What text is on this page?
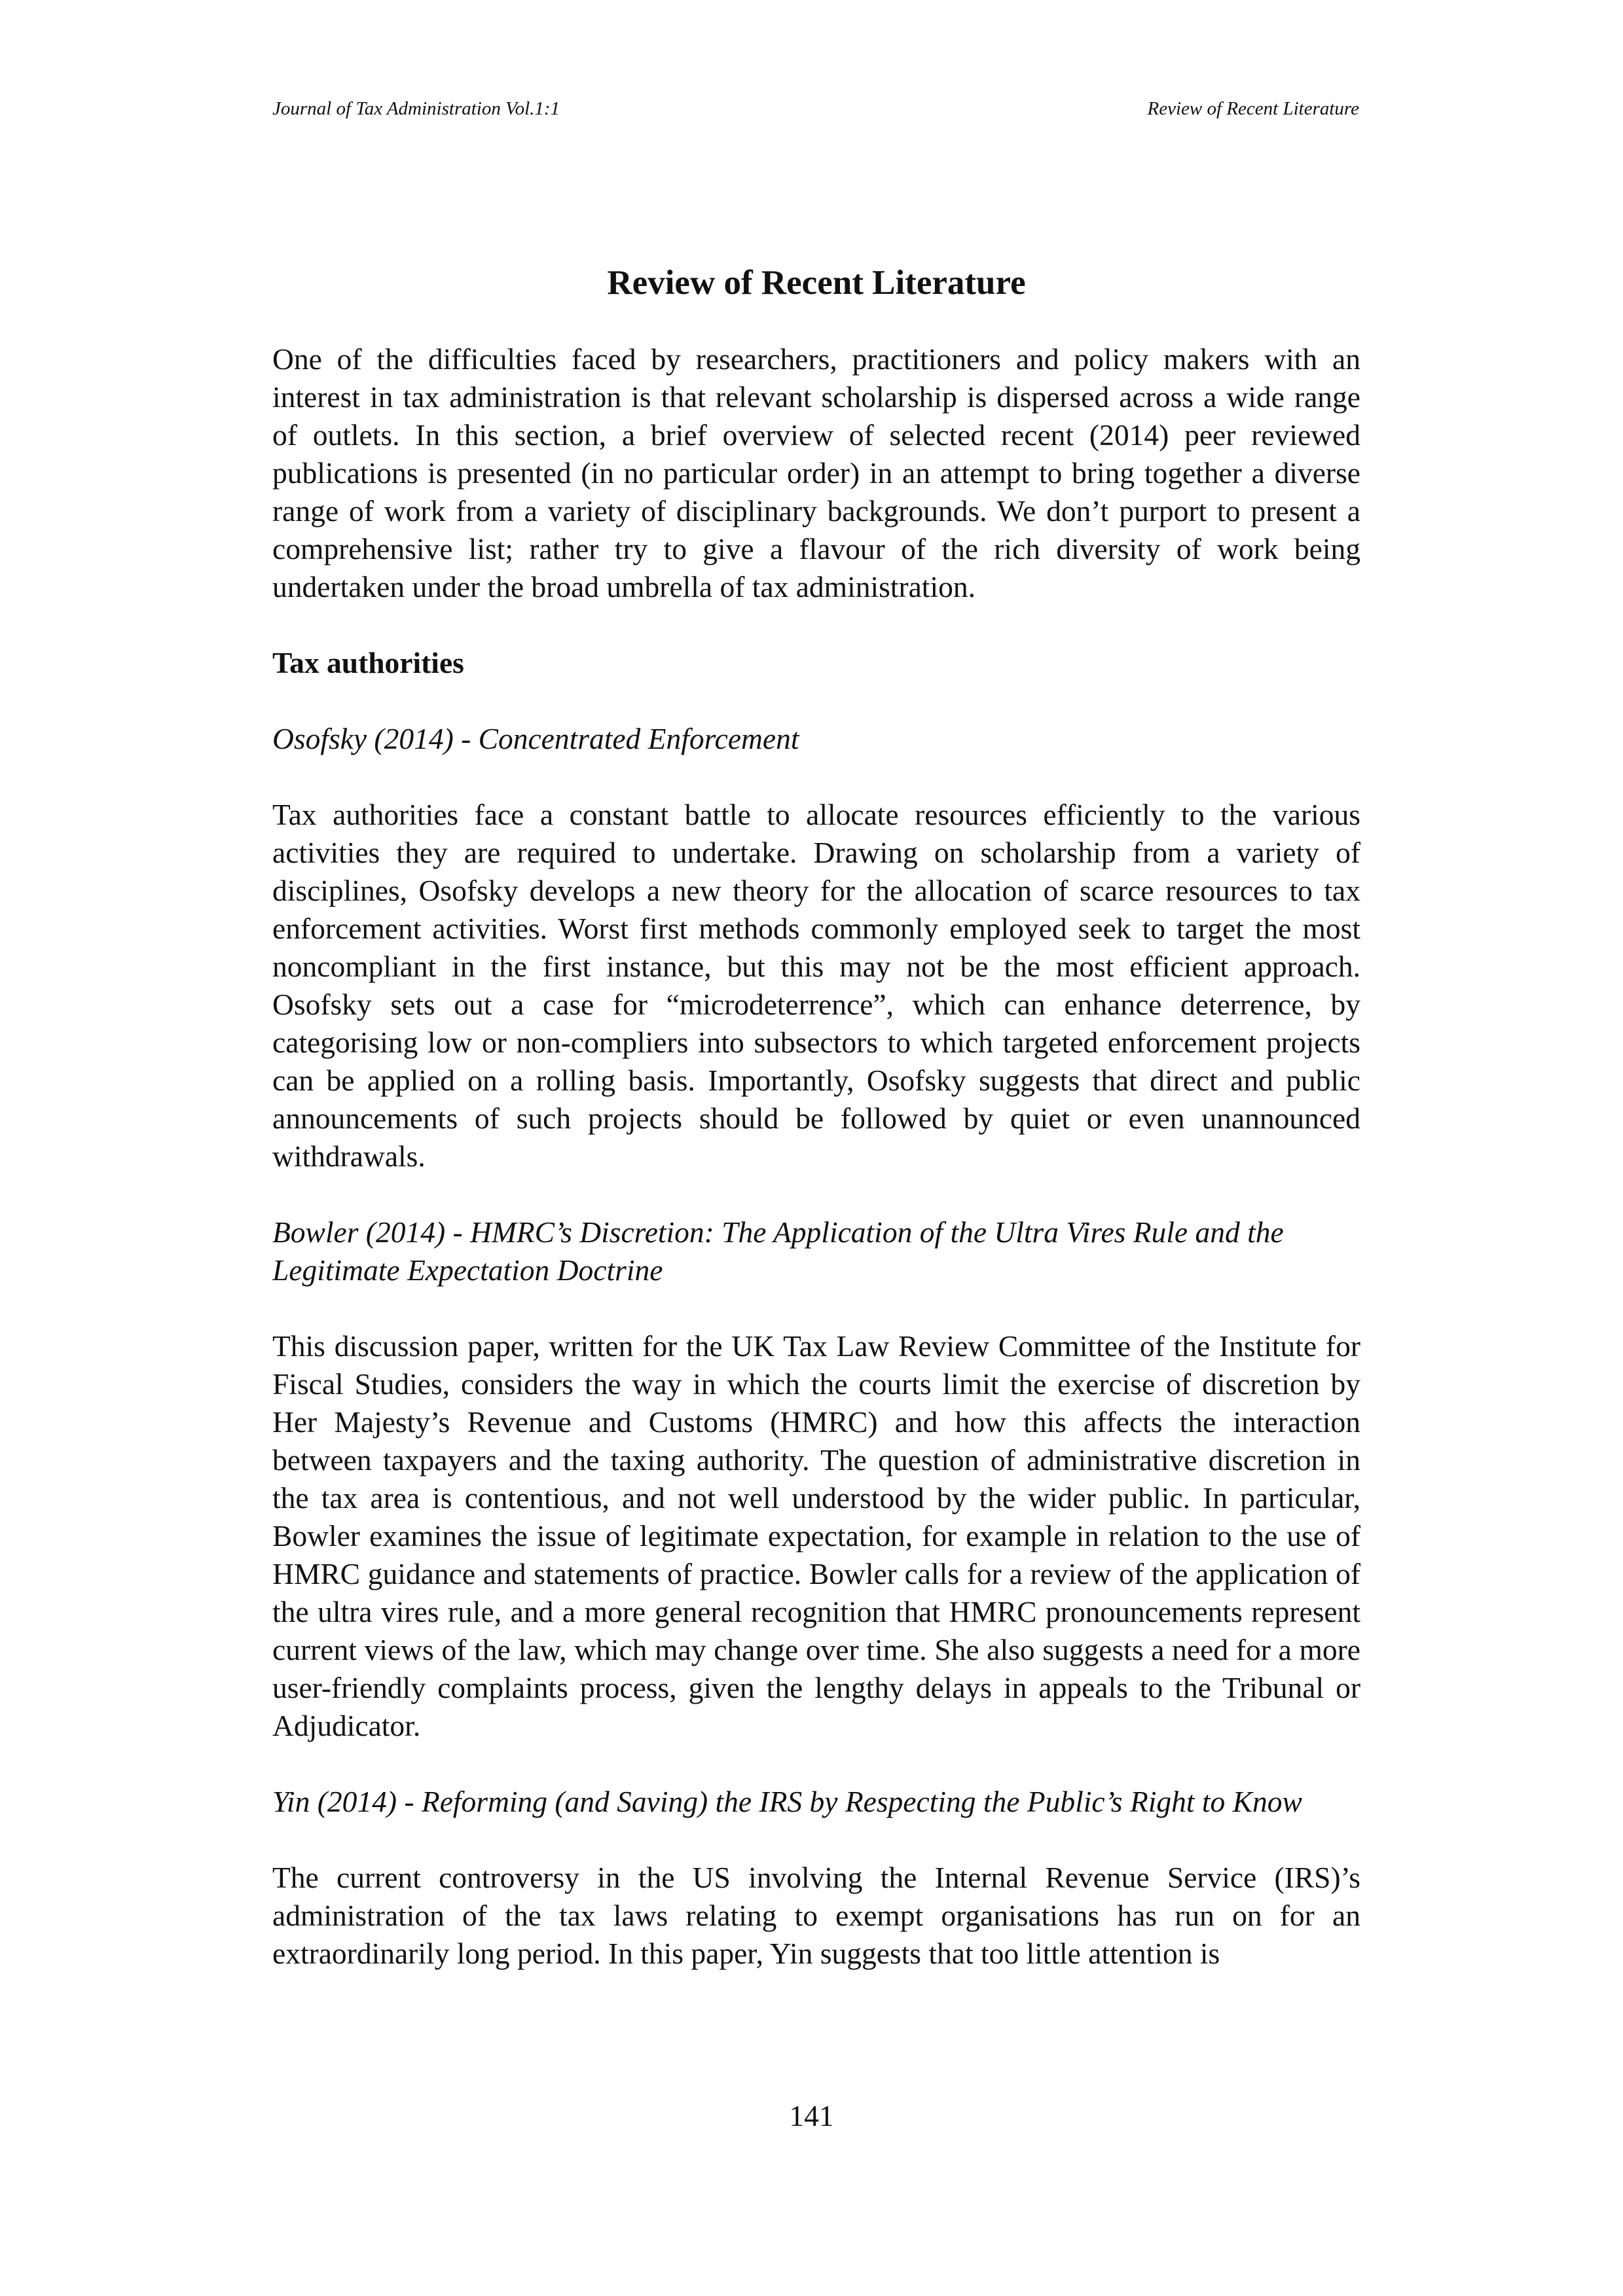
Journal of Tax Administration Vol.1:1	Review of Recent Literature
Review of Recent Literature

One of the difficulties faced by researchers, practitioners and policy makers with an interest in tax administration is that relevant scholarship is dispersed across a wide range of outlets. In this section, a brief overview of selected recent (2014) peer reviewed publications is presented (in no particular order) in an attempt to bring together a diverse range of work from a variety of disciplinary backgrounds. We don’t purport to present a comprehensive list; rather try to give a flavour of the rich diversity of work being undertaken under the broad umbrella of tax administration.

Tax authorities
Osofsky (2014) - Concentrated Enforcement

Tax authorities face a constant battle to allocate resources efficiently to the various activities they are required to undertake. Drawing on scholarship from a variety of disciplines, Osofsky develops a new theory for the allocation of scarce resources to tax enforcement activities. Worst first methods commonly employed seek to target the most noncompliant in the first instance, but this may not be the most efficient approach. Osofsky sets out a case for “microdeterrence”, which can enhance deterrence, by categorising low or non-compliers into subsectors to which targeted enforcement projects can be applied on a rolling basis. Importantly, Osofsky suggests that direct and public announcements of such projects should be followed by quiet or even unannounced withdrawals.

Bowler (2014) - HMRC’s Discretion: The Application of the Ultra Vires Rule and the Legitimate Expectation Doctrine

This discussion paper, written for the UK Tax Law Review Committee of the Institute for Fiscal Studies, considers the way in which the courts limit the exercise of discretion by Her Majesty’s Revenue and Customs (HMRC) and how this affects the interaction between taxpayers and the taxing authority. The question of administrative discretion in the tax area is contentious, and not well understood by the wider public. In particular, Bowler examines the issue of legitimate expectation, for example in relation to the use of HMRC guidance and statements of practice. Bowler calls for a review of the application of the ultra vires rule, and a more general recognition that HMRC pronouncements represent current views of the law, which may change over time. She also suggests a need for a more user-friendly complaints process, given the lengthy delays in appeals to the Tribunal or Adjudicator.

Yin (2014) - Reforming (and Saving) the IRS by Respecting the Public’s Right to Know

The current controversy in the US involving the Internal Revenue Service (IRS)’s administration of the tax laws relating to exempt organisations has run on for an extraordinarily long period. In this paper, Yin suggests that too little attention is

141
